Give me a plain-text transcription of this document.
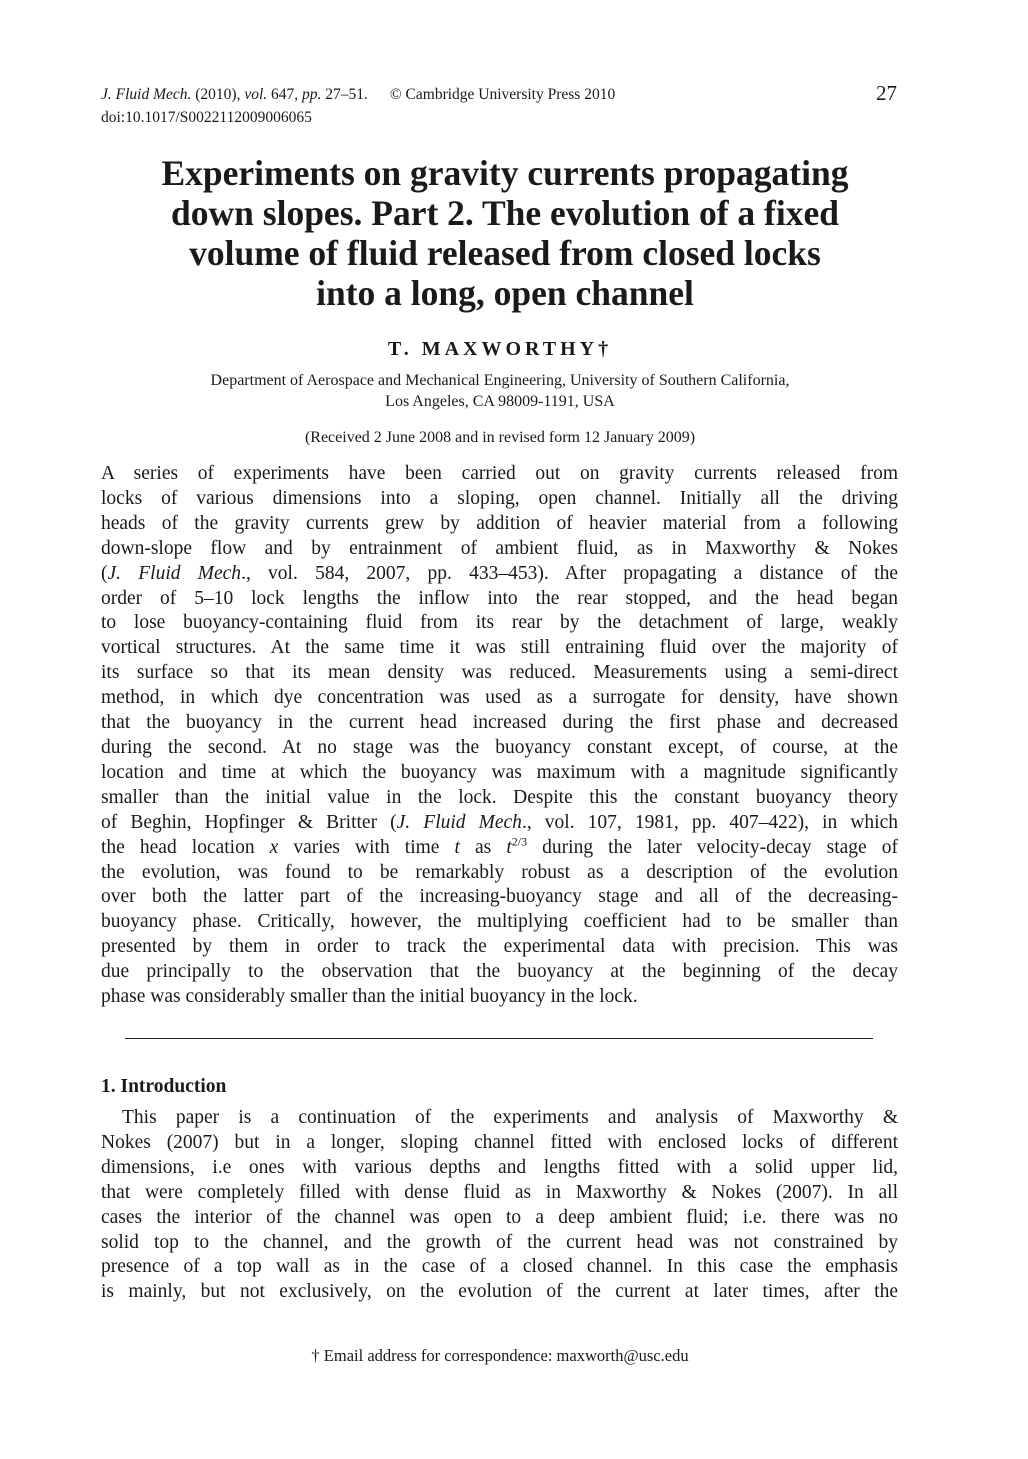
J. Fluid Mech. (2010), vol. 647, pp. 27–51. © Cambridge University Press 2010
doi:10.1017/S0022112009006065
27
Experiments on gravity currents propagating
down slopes. Part 2. The evolution of a fixed
volume of fluid released from closed locks
into a long, open channel
T. MAXWORTHY†
Department of Aerospace and Mechanical Engineering, University of Southern California,
Los Angeles, CA 98009-1191, USA
(Received 2 June 2008 and in revised form 12 January 2009)
A series of experiments have been carried out on gravity currents released from
locks of various dimensions into a sloping, open channel. Initially all the driving
heads of the gravity currents grew by addition of heavier material from a following
down-slope flow and by entrainment of ambient fluid, as in Maxworthy & Nokes
(J. Fluid Mech., vol. 584, 2007, pp. 433–453). After propagating a distance of the
order of 5–10 lock lengths the inflow into the rear stopped, and the head began
to lose buoyancy-containing fluid from its rear by the detachment of large, weakly
vortical structures. At the same time it was still entraining fluid over the majority of
its surface so that its mean density was reduced. Measurements using a semi-direct
method, in which dye concentration was used as a surrogate for density, have shown
that the buoyancy in the current head increased during the first phase and decreased
during the second. At no stage was the buoyancy constant except, of course, at the
location and time at which the buoyancy was maximum with a magnitude significantly
smaller than the initial value in the lock. Despite this the constant buoyancy theory
of Beghin, Hopfinger & Britter (J. Fluid Mech., vol. 107, 1981, pp. 407–422), in which
the head location x varies with time t as $t^{2/3}$ during the later velocity-decay stage of
the evolution, was found to be remarkably robust as a description of the evolution
over both the latter part of the increasing-buoyancy stage and all of the decreasing-
buoyancy phase. Critically, however, the multiplying coefficient had to be smaller than
presented by them in order to track the experimental data with precision. This was
due principally to the observation that the buoyancy at the beginning of the decay
phase was considerably smaller than the initial buoyancy in the lock.
1. Introduction
This paper is a continuation of the experiments and analysis of Maxworthy &
Nokes (2007) but in a longer, sloping channel fitted with enclosed locks of different
dimensions, i.e ones with various depths and lengths fitted with a solid upper lid,
that were completely filled with dense fluid as in Maxworthy & Nokes (2007). In all
cases the interior of the channel was open to a deep ambient fluid; i.e. there was no
solid top to the channel, and the growth of the current head was not constrained by
presence of a top wall as in the case of a closed channel. In this case the emphasis
is mainly, but not exclusively, on the evolution of the current at later times, after the
† Email address for correspondence: maxworth@usc.edu
